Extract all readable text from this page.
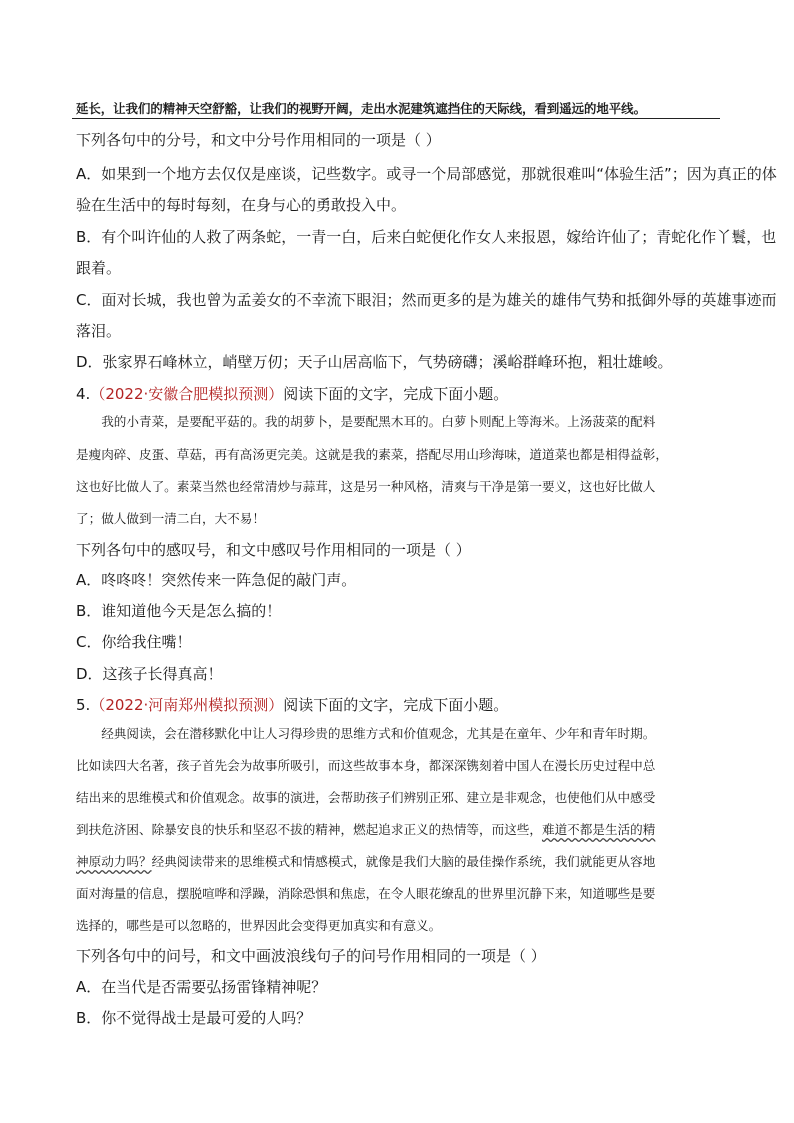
延长，让我们的精神天空舒豁，让我们的视野开阔，走出水泥建筑遮挡住的天际线，看到遥远的地平线。
下列各句中的分号，和文中分号作用相同的一项是（ ）
A．如果到一个地方去仅仅是座谈，记些数字。或寻一个局部感觉，那就很难叫“体验生活”；因为真正的体
验在生活中的每时每刻，在身与心的勇敢投入中。
B．有个叫许仙的人救了两条蛇，一青一白，后来白蛇便化作女人来报恩，嫁给许仙了；青蛇化作丫鬟，也
跟着。
C．面对长城，我也曾为孟姜女的不幸流下眼泪；然而更多的是为雄关的雄伟气势和抵御外辱的英雄事迹而
落泪。
D．张家界石峰林立，峭壁万仞；天子山居高临下，气势磅礴；溪峪群峰环抱，粗壮雄峻。
4.（2022·安徽合肥模拟预测）阅读下面的文字，完成下面小题。
　　我的小青菜，是要配平菇的。我的胡萝卜，是要配黑木耳的。白萝卜则配上等海米。上汤菠菜的配料
是瘦肉碎、皮蛋、草菇，再有高汤更完美。这就是我的素菜，搭配尽用山珍海味，道道菜也都是相得益彰，
这也好比做人了。素菜当然也经常清炒与蒜茸，这是另一种风格，清爽与干净是第一要义，这也好比做人
了；做人做到一清二白，大不易！
下列各句中的感叹号，和文中感叹号作用相同的一项是（ ）
A．咚咚咚！突然传来一阵急促的敲门声。
B．谁知道他今天是怎么搞的！
C．你给我住嘴！
D．这孩子长得真高！
5.（2022·河南郑州模拟预测）阅读下面的文字，完成下面小题。
　　经典阅读，会在潜移默化中让人习得珍贵的思维方式和价值观念，尤其是在童年、少年和青年时期。
比如读四大名著，孩子首先会为故事所吸引，而这些故事本身，都深深镌刻着中国人在漫长历史过程中总
结出来的思维模式和价值观念。故事的演进，会帮助孩子们辨别正邪、建立是非观念，也使他们从中感受
到扶危济困、除暴安良的快乐和坚忍不拔的精神，燃起追求正义的热情等，而这些，难道不都是生活的精
神原动力吗？经典阅读带来的思维模式和情感模式，就像是我们大脑的最佳操作系统，我们就能更从容地
面对海量的信息，摆脱喧哗和浮躁，消除恐惧和焦虑，在令人眼花缭乱的世界里沉静下来，知道哪些是要
选择的，哪些是可以忽略的，世界因此会变得更加真实和有意义。
下列各句中的问号，和文中画波浪线句子的问号作用相同的一项是（ ）
A．在当代是否需要弘扬雷锋精神呢？
B．你不觉得战士是最可爱的人吗？
